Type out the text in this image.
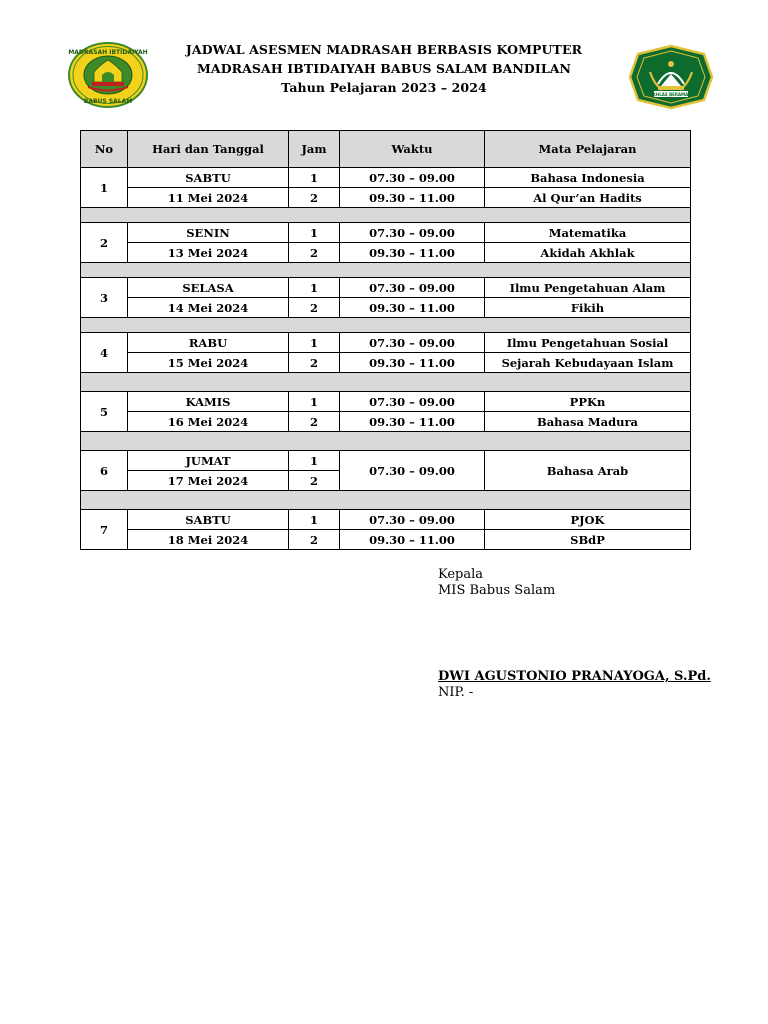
MADRASAH IBTIDAIYAH
BABUS SALAM
IKHLAS BERAMAL
JADWAL ASESMEN MADRASAH BERBASIS KOMPUTER
MADRASAH IBTIDAIYAH BABUS SALAM BANDILAN
Tahun Pelajaran 2023 – 2024
No	Hari dan Tanggal	Jam	Waktu	Mata Pelajaran
1	SABTU	1	07.30 – 09.00	Bahasa Indonesia
	11 Mei 2024	2	09.30 – 11.00	Al Qur’an Hadits

2	SENIN	1	07.30 – 09.00	Matematika
	13 Mei 2024	2	09.30 – 11.00	Akidah Akhlak

3	SELASA	1	07.30 – 09.00	Ilmu Pengetahuan Alam
	14 Mei 2024	2	09.30 – 11.00	Fikih

4	RABU	1	07.30 – 09.00	Ilmu Pengetahuan Sosial
	15 Mei 2024	2	09.30 – 11.00	Sejarah Kebudayaan Islam

5	KAMIS	1	07.30 – 09.00	PPKn
	16 Mei 2024	2	09.30 – 11.00	Bahasa Madura

6	JUMAT	1	07.30 – 09.00	Bahasa Arab
	17 Mei 2024	2		

7	SABTU	1	07.30 – 09.00	PJOK
	18 Mei 2024	2	09.30 – 11.00	SBdP
Kepala
MIS Babus Salam
DWI AGUSTONIO PRANAYOGA, S.Pd.
NIP. -
